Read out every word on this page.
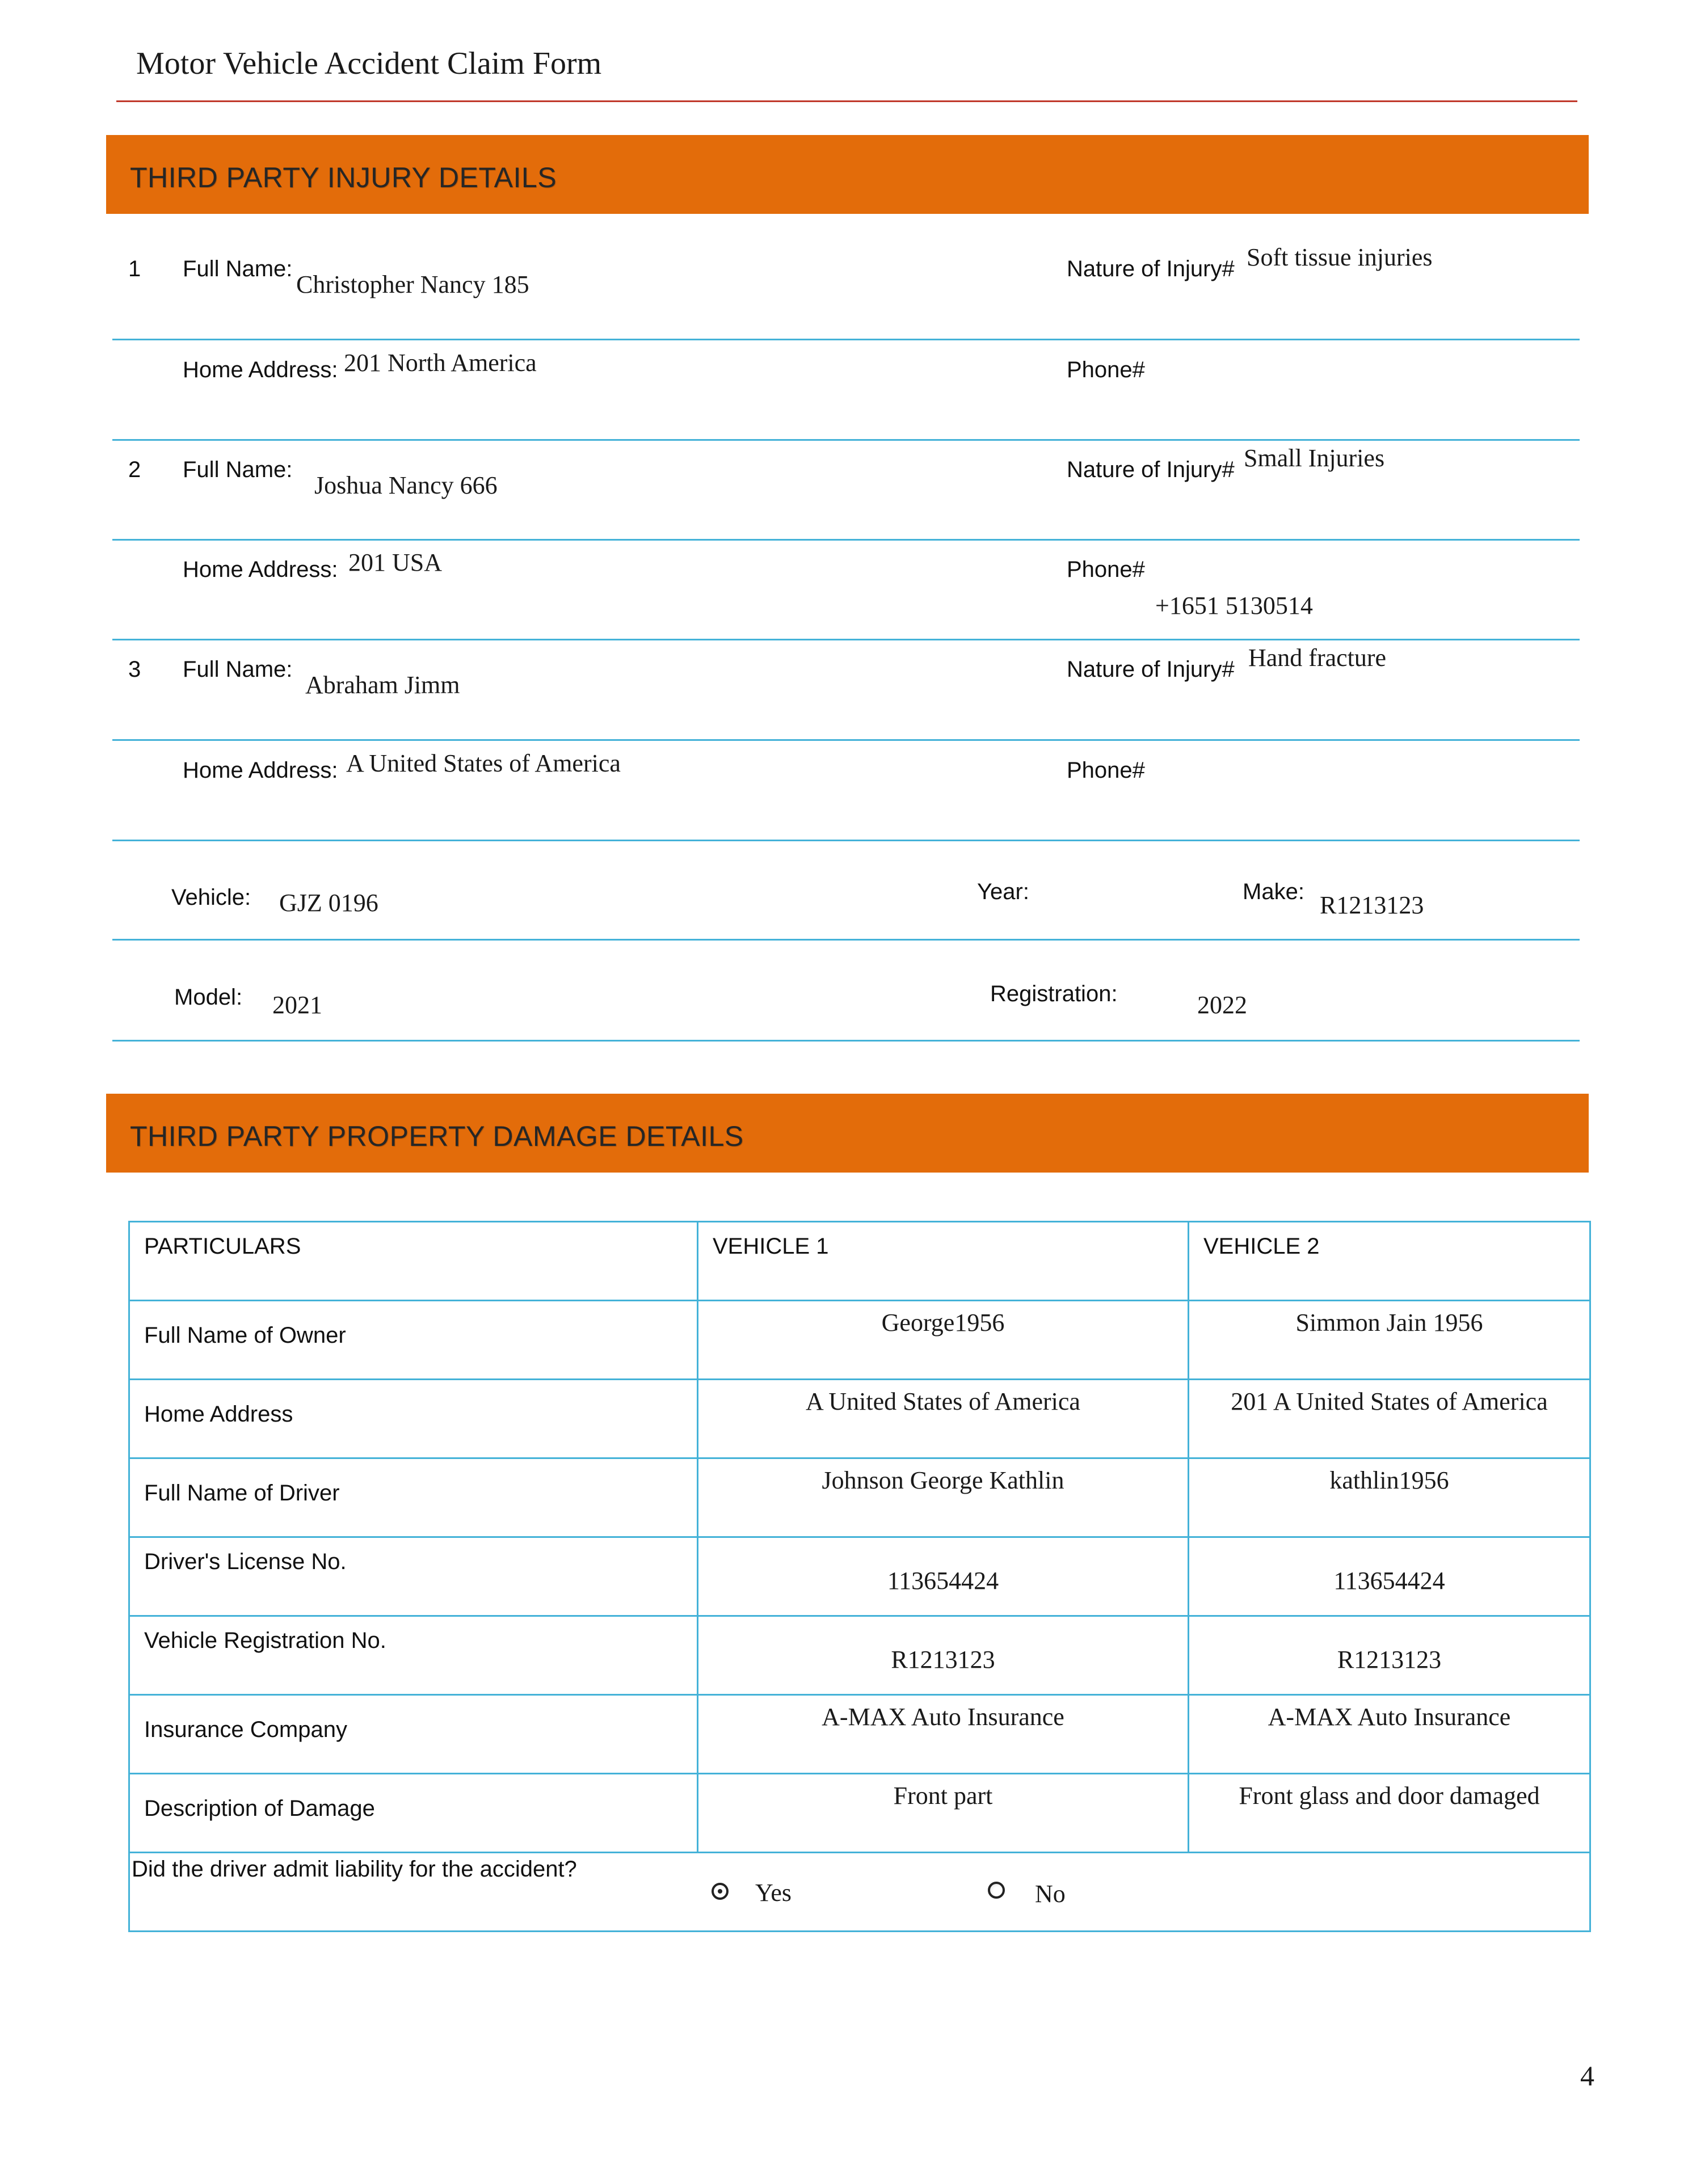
Motor Vehicle Accident Claim Form
THIRD PARTY INJURY DETAILS
1 Full Name:
Christopher Nancy 185
Nature of Injury# Soft tissue injuries
Home Address: 201 North America	Phone#
2 Full Name:
Joshua Nancy 666
Nature of Injury# Small Injuries
Home Address: 201 USA	Phone#
+1651 5130514
3 Full Name:
Abraham Jimm
Nature of Injury# Hand fracture
Home Address: A United States of America	Phone#
Vehicle: GJZ 0196	Year:	Make: R1213123
Model: 2021	Registration:	2022
THIRD PARTY PROPERTY DAMAGE DETAILS
PARTICULARS	VEHICLE 1	VEHICLE 2

Full Name of Owner	George1956	Simmon Jain 1956

Home Address	A United States of America	201 A United States of America

Full Name of Driver	Johnson George Kathlin	kathlin1956

Driver's License No.	113654424	113654424

Vehicle Registration No.	R1213123	R1213123

Insurance Company	A-MAX Auto Insurance	A-MAX Auto Insurance

Description of Damage	Front part	Front glass and door damaged

Did the driver admit liability for the accident?
Yes No		
4
